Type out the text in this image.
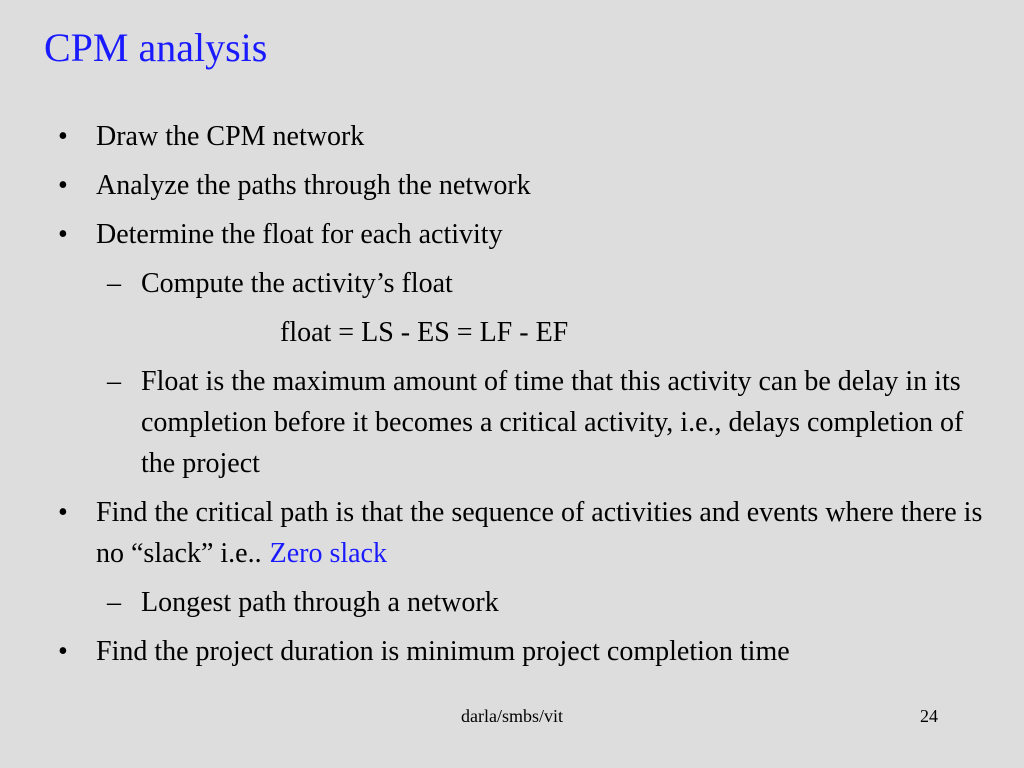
CPM analysis
• Draw the CPM network
• Analyze the paths through the network
• Determine the float for each activity
– Compute the activity’s float
float = LS - ES = LF - EF
– Float is the maximum amount of time that this activity can be delay in its completion before it becomes a critical activity, i.e., delays completion of the project
• Find the critical path is that the sequence of activities and events where there is no “slack” i.e.. Zero slack
– Longest path through a network
• Find the project duration is minimum project completion time
darla/smbs/vit	24
